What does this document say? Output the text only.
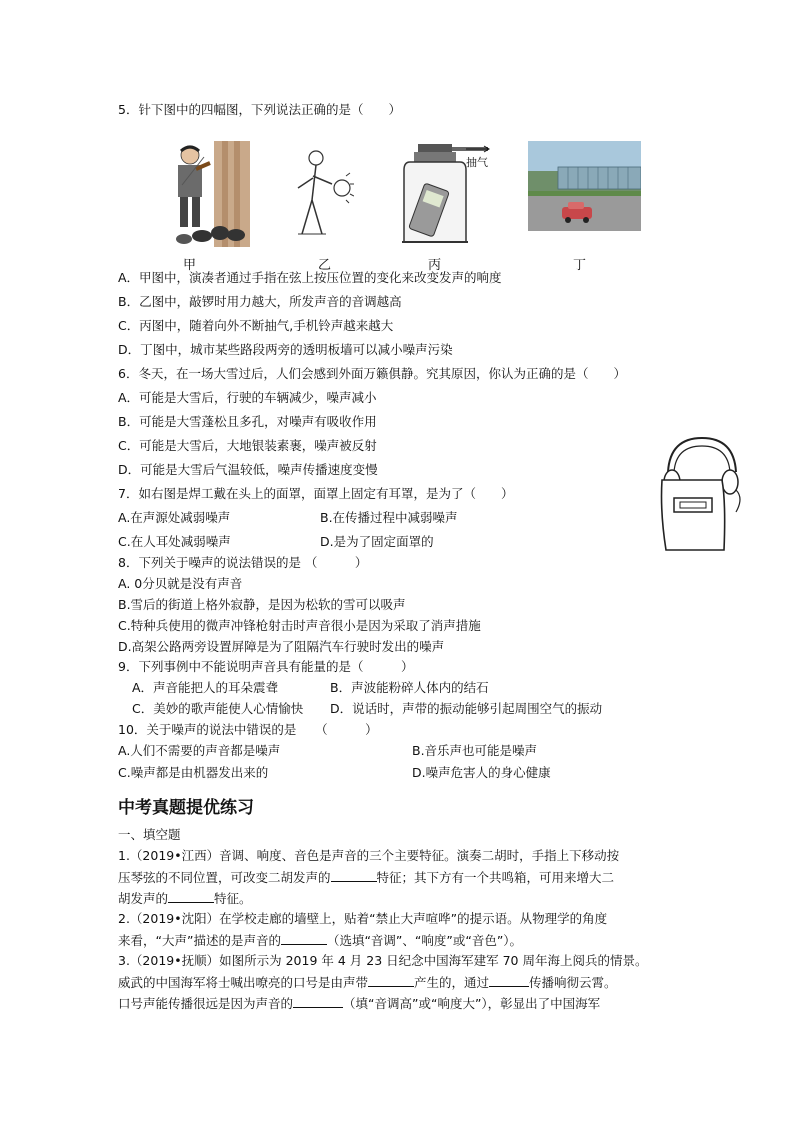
5．针下图中的四幅图，下列说法正确的是（　　）
抽气
甲	乙	丙	丁
A．甲图中，演凑者通过手指在弦上按压位置的变化来改变发声的响度
B．乙图中，敲锣时用力越大，所发声音的音调越高
C．丙图中，随着向外不断抽气,手机铃声越来越大
D．丁图中，城市某些路段两旁的透明板墙可以减小噪声污染
6．冬天，在一场大雪过后，人们会感到外面万籁俱静。究其原因，你认为正确的是（　　）
A．可能是大雪后，行驶的车辆减少，噪声减小
B．可能是大雪蓬松且多孔，对噪声有吸收作用
C．可能是大雪后，大地银装素裹，噪声被反射
D．可能是大雪后气温较低，噪声传播速度变慢
7．如右图是焊工戴在头上的面罩，面罩上固定有耳罩，是为了（　　）
A.在声源处减弱噪声	B.在传播过程中减弱噪声
C.在人耳处减弱噪声	D.是为了固定面罩的
8．下列关于噪声的说法错误的是 （　　　）
A. 0分贝就是没有声音
B.雪后的街道上格外寂静，是因为松软的雪可以吸声
C.特种兵使用的微声冲锋枪射击时声音很小是因为采取了消声措施
D.高架公路两旁设置屏障是为了阻隔汽车行驶时发出的噪声
9．下列事例中不能说明声音具有能量的是（　　　）
A．声音能把人的耳朵震聋	B．声波能粉碎人体内的结石
C．美妙的歌声能使人心情愉快 D．说话时，声带的振动能够引起周围空气的振动
10．关于噪声的说法中错误的是　　（　　　）
A.人们不需要的声音都是噪声	B.音乐声也可能是噪声
C.噪声都是由机器发出来的	D.噪声危害人的身心健康
中考真题提优练习
一、填空题
1.（2019•江西）音调、响度、音色是声音的三个主要特征。演奏二胡时，手指上下移动按
压琴弦的不同位置，可改变二胡发声的	特征；其下方有一个共鸣箱，可用来增大二
胡发声的	特征。
2.（2019•沈阳）在学校走廊的墙壁上，贴着“禁止大声喧哗”的提示语。从物理学的角度
来看，“大声”描述的是声音的	（选填“音调”、“响度”或“音色”）。
3.（2019•抚顺）如图所示为 2019 年 4 月 23 日纪念中国海军建军 70 周年海上阅兵的情景。
威武的中国海军将士喊出嘹亮的口号是由声带	产生的，通过	传播响彻云霄。
口号声能传播很远是因为声音的	（填“音调高”或“响度大”），彰显出了中国海军
